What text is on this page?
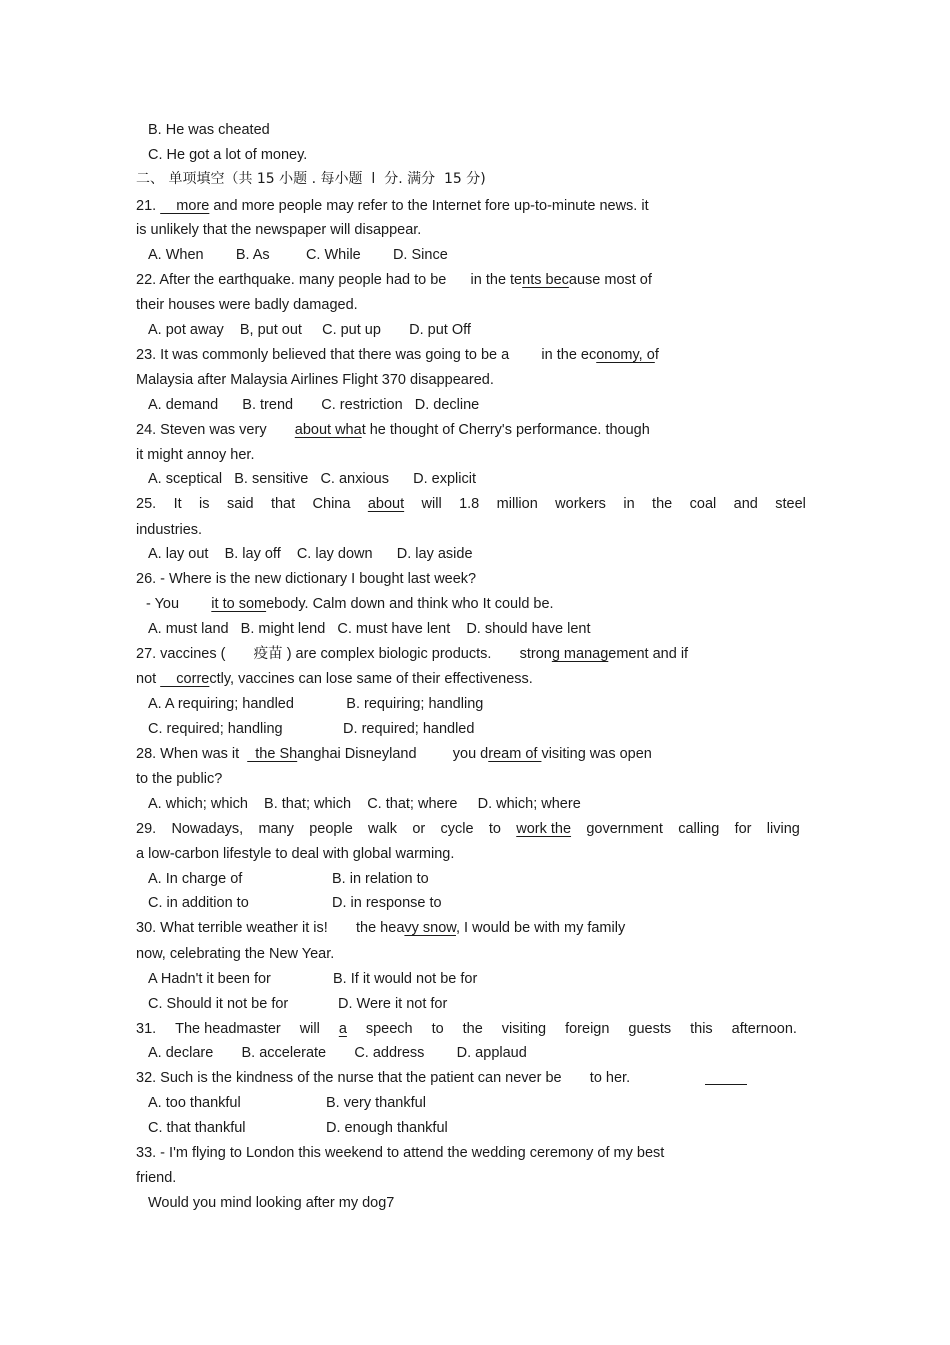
B. He was cheated
C. He got a lot of money.
二、 单项填空（共 15 小题 . 每小题  l  分. 满分  15 分)
21.     more and more people may refer to the Internet fore up-to-minute news. it
is unlikely that the newspaper will disappear.
A. When        B. As         C. While        D. Since
22. After the earthquake. many people had to be      in the tents because most of
their houses were badly damaged.
A. pot away    B, put out     C. put up       D. put Off
23. It was commonly believed that there was going to be a        in the economy, of
Malaysia after Malaysia Airlines Flight 370 disappeared.
A. demand      B. trend       C. restriction   D. decline
24. Steven was very       about what he thought of Cherry's performance. though
it might annoy her.
A. sceptical   B. sensitive   C. anxious      D. explicit
25. It is said that China about will 1.8 million workers in the coal and steel
industries.
A. lay out    B. lay off    C. lay down      D. lay aside
26. - Where is the new dictionary I bought last week?
- You        it to somebody. Calm down and think who It could be.
A. must land   B. might lend   C. must have lent    D. should have lent
27. vaccines (       疫苗 ) are complex biologic products.       strong management and if
not     correctly, vaccines can lose same of their effectiveness.
A. A requiring; handled             B. requiring; handling
C. required; handling               D. required; handled
28. When was it    the Shanghai Disneyland         you dream of visiting was open
to the public?
A. which; which    B. that; which    C. that; where     D. which; where
29. Nowadays, many people walk or cycle to work the government calling for living
a low-carbon lifestyle to deal with global warming.
A. In charge of	B. in relation to
C. in addition to	D. in response to
30. What terrible weather it is!       the heavy snow, I would be with my family
now, celebrating the New Year.
A Hadn't it been for	B. If it would not be for
C. Should it not be for	D. Were it not for
31. The headmaster will a speech to the visiting foreign guests this afternoon.
A. declare       B. accelerate       C. address        D. applaud
32. Such is the kindness of the nurse that the patient can never be       to her.
A. too thankful	B. very thankful
C. that thankful	D. enough thankful
33. - I'm flying to London this weekend to attend the wedding ceremony of my best
friend.
Would you mind looking after my dog7
